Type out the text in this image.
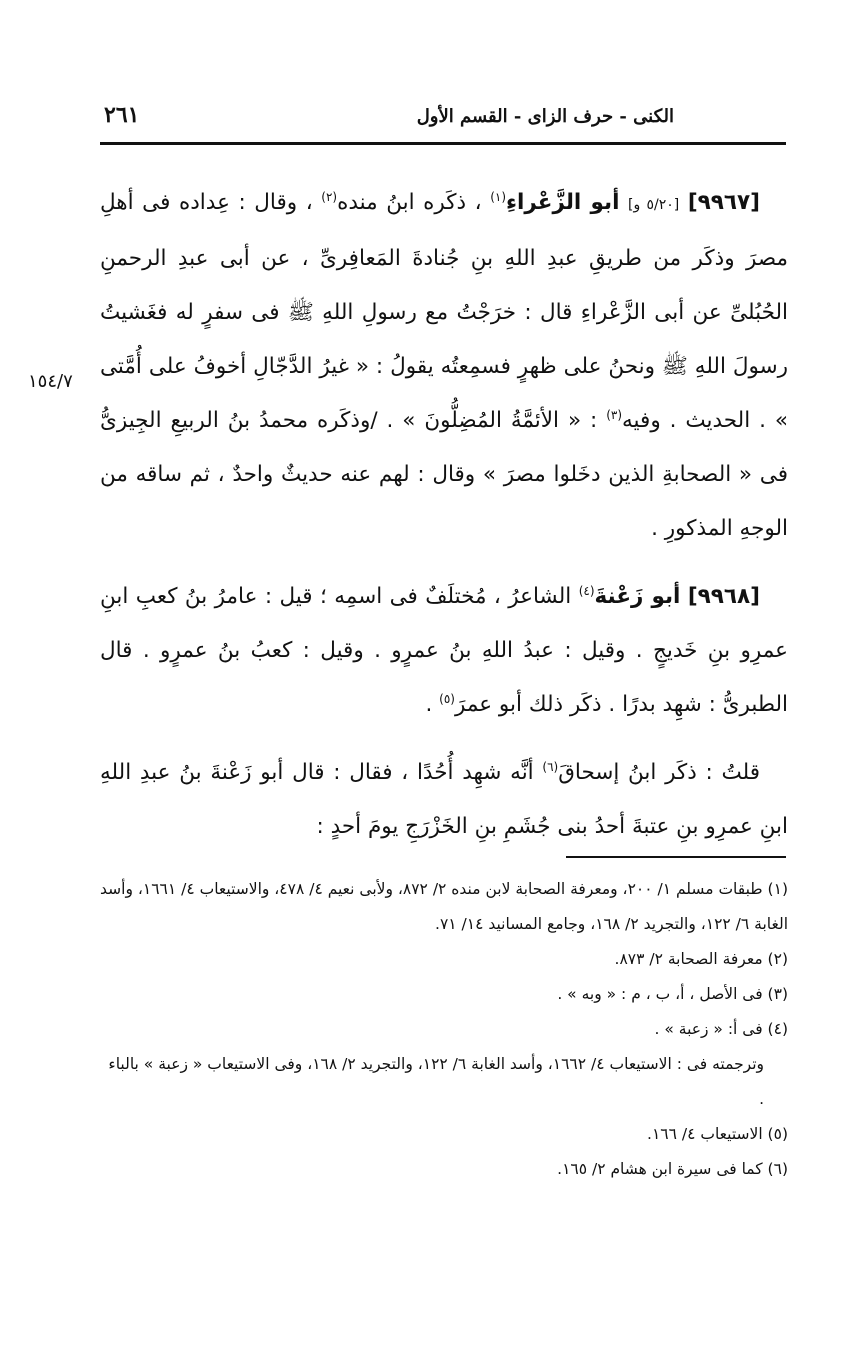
٢٦١	الكنى - حرف الزاى - القسم الأول
١٥٤/٧
[٩٩٦٧] [٥/٢٠ و] أبو الزَّعْراءِ$^{(١)}$ ، ذكَره ابنُ منده$^{(٢)}$ ، وقال : عِداده فى أهلِ مصرَ وذكَر من طريقِ عبدِ اللهِ بنِ جُنادةَ المَعافِرىِّ ، عن أبى عبدِ الرحمنِ الحُبُلىِّ عن أبى الزَّعْراءِ قال : خرَجْتُ مع رسولِ اللهِ ﷺ فى سفرٍ له فغَشيتُ رسولَ اللهِ ﷺ ونحنُ على ظهرٍ فسمِعتُه يقولُ : « غيرُ الدَّجّالِ أخوفُ على أُمَّتى » . الحديث . وفيه$^{(٣)}$ : « الأئمَّةُ المُضِلُّونَ » . /وذكَره محمدُ بنُ الربيعِ الجِيزىُّ فى « الصحابةِ الذين دخَلوا مصرَ » وقال : لهم عنه حديثٌ واحدٌ ، ثم ساقه من الوجهِ المذكورِ .
[٩٩٦٨] أبو زَعْنةَ$^{(٤)}$ الشاعرُ ، مُختلَفٌ فى اسمِه ؛ قيل : عامرُ بنُ كعبِ ابنِ عمرِو بنِ خَديجٍ . وقيل : عبدُ اللهِ بنُ عمرٍو . وقيل : كعبُ بنُ عمرٍو . قال الطبرىُّ : شهِد بدرًا . ذكَر ذلك أبو عمرَ$^{(٥)}$ .
قلتُ : ذكَر ابنُ إسحاقَ$^{(٦)}$ أنَّه شهِد أُحُدًا ، فقال : قال أبو زَعْنةَ بنُ عبدِ اللهِ ابنِ عمرِو بنِ عتبةَ أحدُ بنى جُشَمِ بنِ الخَزْرَجِ يومَ أحدٍ :

(١) طبقات مسلم ١/ ٢٠٠، ومعرفة الصحابة لابن منده ٢/ ٨٧٢، ولأبى نعيم ٤/ ٤٧٨، والاستيعاب ٤/ ١٦٦١، وأسد الغابة ٦/ ١٢٢، والتجريد ٢/ ١٦٨، وجامع المسانيد ١٤/ ٧١.

(٢) معرفة الصحابة ٢/ ٨٧٣.

(٣) فى الأصل ، أ، ب ، م : « وبه » .

(٤) فى أ: « زعبة » .

وترجمته فى : الاستيعاب ٤/ ١٦٦٢، وأسد الغابة ٦/ ١٢٢، والتجريد ٢/ ١٦٨، وفى الاستيعاب « زعبة » بالباء .

(٥) الاستيعاب ٤/ ١٦٦.

(٦) كما فى سيرة ابن هشام ٢/ ١٦٥.
